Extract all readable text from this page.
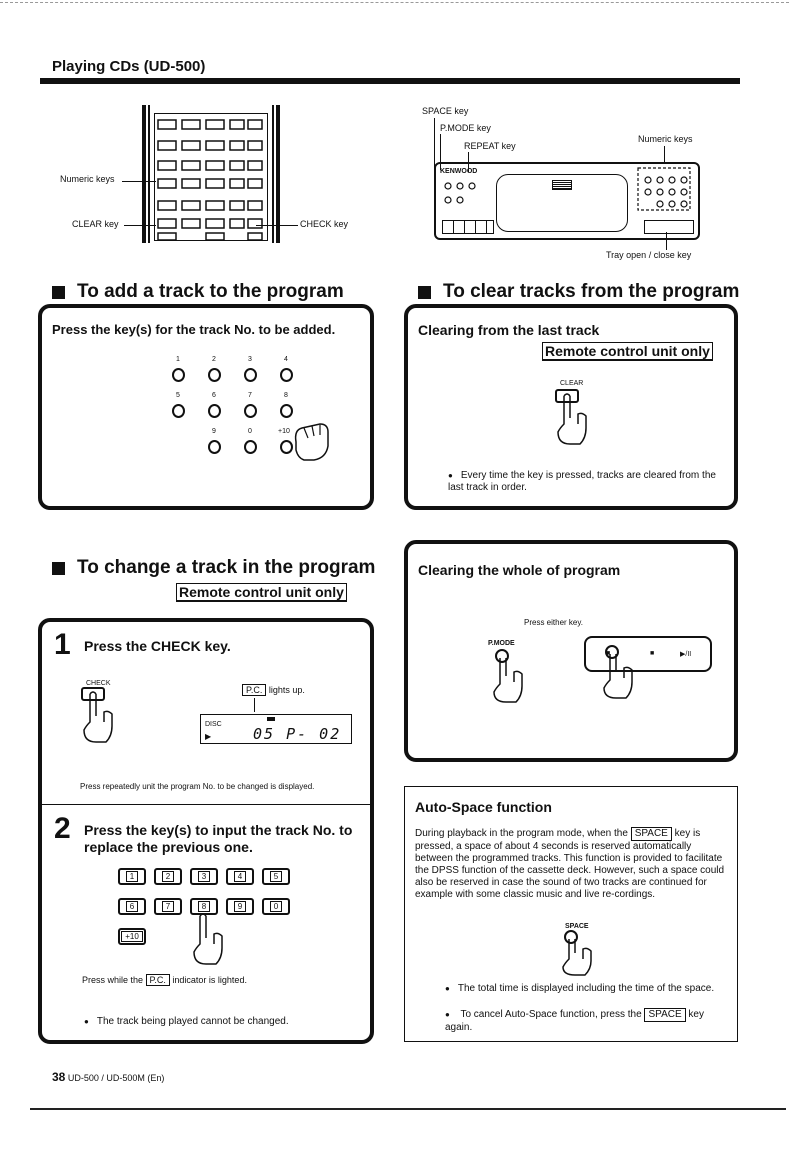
Playing CDs (UD-500)
Numeric keys
CLEAR key	CHECK key
SPACE key
P.MODE key
REPEAT key
Numeric keys
KENWOOD
Tray open / close key
To add a track to the program
Press the key(s) for the track No. to be added.
1	2	3	4
5	6	7	8
9	0	+10
To clear tracks from the program
Clearing from the last track
Remote control unit only
CLEAR
● Every time the key is pressed, tracks are cleared from the last track in order.
To change a track in the program
Remote control unit only
1 Press the CHECK key.
CHECK
P.C. lights up.
DISC
▶	05 P- 02
Press repeatedly unit the program No. to be changed is displayed.
2 Press the key(s) to input the track No. to replace the previous one.
1	2	3	4	5
6	7	8	9	0
+10
Press while the P.C. indicator is lighted.
● The track being played cannot be changed.
Clearing the whole of program
Press either key.
P.MODE
■	■	▶/II
Auto-Space function
During playback in the program mode, when the SPACE key is pressed, a space of about 4 seconds is reserved automatically between the programmed tracks. This function is provided to facilitate the DPSS function of the cassette deck. However, such a space could also be reserved in case the sound of two tracks are continued for example with some classic music and live re-cordings.
SPACE
● The total time is displayed including the time of the space.
● To cancel Auto-Space function, press the SPACE key again.
38 UD-500 / UD-500M (En)
